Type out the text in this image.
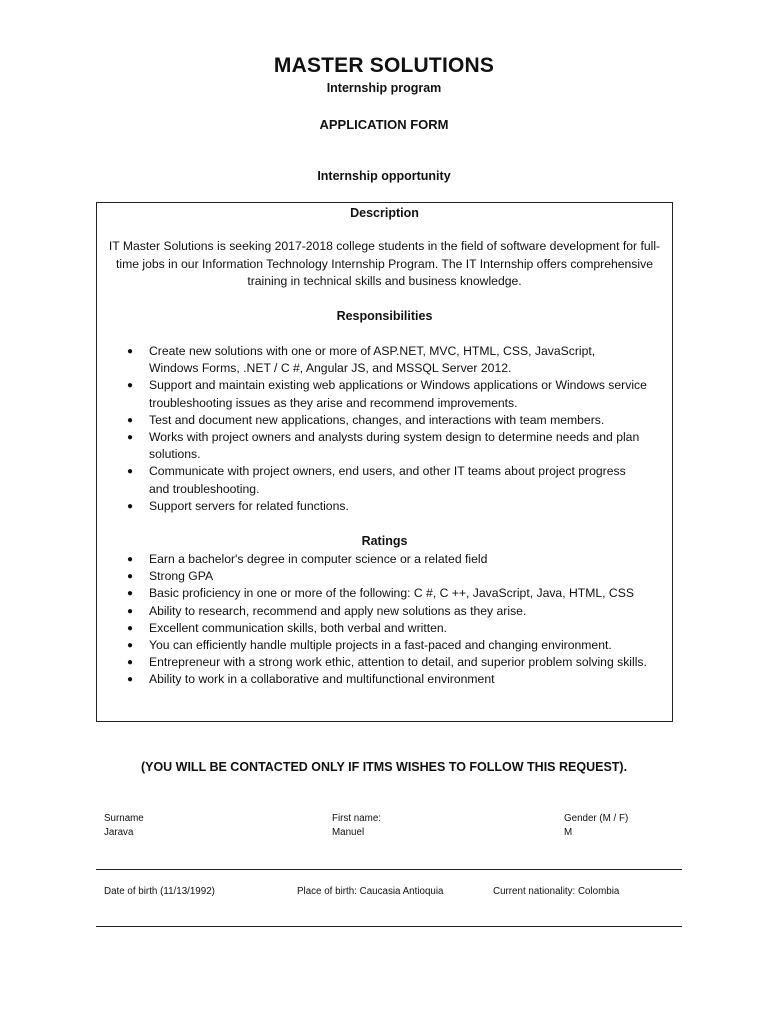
MASTER SOLUTIONS
Internship program
APPLICATION FORM
Internship opportunity
Description
IT Master Solutions is seeking 2017-2018 college students in the field of software development for full-time jobs in our Information Technology Internship Program. The IT Internship offers comprehensive training in technical skills and business knowledge.
Responsibilities
● Create new solutions with one or more of ASP.NET, MVC, HTML, CSS, JavaScript, Windows Forms, .NET / C #, Angular JS, and MSSQL Server 2012.
● Support and maintain existing web applications or Windows applications or Windows service troubleshooting issues as they arise and recommend improvements.
● Test and document new applications, changes, and interactions with team members.
● Works with project owners and analysts during system design to determine needs and plan solutions.
● Communicate with project owners, end users, and other IT teams about project progress and troubleshooting.
● Support servers for related functions.
Ratings
● Earn a bachelor's degree in computer science or a related field
● Strong GPA
● Basic proficiency in one or more of the following: C #, C ++, JavaScript, Java, HTML, CSS
● Ability to research, recommend and apply new solutions as they arise.
● Excellent communication skills, both verbal and written.
● You can efficiently handle multiple projects in a fast-paced and changing environment.
● Entrepreneur with a strong work ethic, attention to detail, and superior problem solving skills.
● Ability to work in a collaborative and multifunctional environment
(YOU WILL BE CONTACTED ONLY IF ITMS WISHES TO FOLLOW THIS REQUEST).
Surname
Jarava
First name:
Manuel
Gender (M / F)
M
Date of birth (11/13/1992)	Place of birth: Caucasia Antioquia	Current nationality: Colombia
